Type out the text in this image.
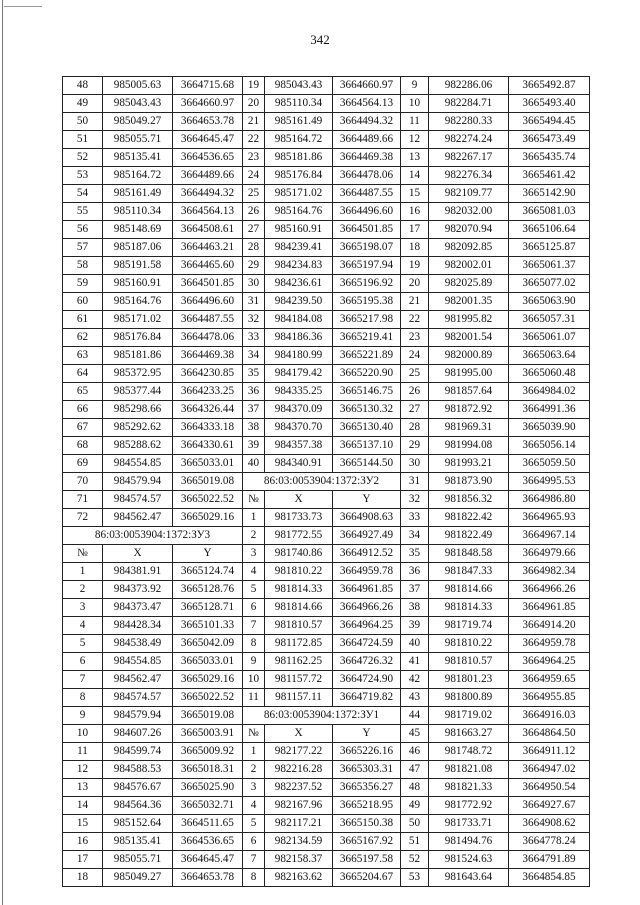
342
48	985005.63	3664715.68	19	985043.43	3664660.97	9	982286.06	3665492.87
49	985043.43	3664660.97	20	985110.34	3664564.13	10	982284.71	3665493.40
50	985049.27	3664653.78	21	985161.49	3664494.32	11	982280.33	3665494.45
51	985055.71	3664645.47	22	985164.72	3664489.66	12	982274.24	3665473.49
52	985135.41	3664536.65	23	985181.86	3664469.38	13	982267.17	3665435.74
53	985164.72	3664489.66	24	985176.84	3664478.06	14	982276.34	3665461.42
54	985161.49	3664494.32	25	985171.02	3664487.55	15	982109.77	3665142.90
55	985110.34	3664564.13	26	985164.76	3664496.60	16	982032.00	3665081.03
56	985148.69	3664508.61	27	985160.91	3664501.85	17	982070.94	3665106.64
57	985187.06	3664463.21	28	984239.41	3665198.07	18	982092.85	3665125.87
58	985191.58	3664465.60	29	984234.83	3665197.94	19	982002.01	3665061.37
59	985160.91	3664501.85	30	984236.61	3665196.92	20	982025.89	3665077.02
60	985164.76	3664496.60	31	984239.50	3665195.38	21	982001.35	3665063.90
61	985171.02	3664487.55	32	984184.08	3665217.98	22	981995.82	3665057.31
62	985176.84	3664478.06	33	984186.36	3665219.41	23	982001.54	3665061.07
63	985181.86	3664469.38	34	984180.99	3665221.89	24	982000.89	3665063.64
64	985372.95	3664230.85	35	984179.42	3665220.90	25	981995.00	3665060.48
65	985377.44	3664233.25	36	984335.25	3665146.75	26	981857.64	3664984.02
66	985298.66	3664326.44	37	984370.09	3665130.32	27	981872.92	3664991.36
67	985292.62	3664333.18	38	984370.70	3665130.40	28	981969.31	3665039.90
68	985288.62	3664330.61	39	984357.38	3665137.10	29	981994.08	3665056.14
69	984554.85	3665033.01	40	984340.91	3665144.50	30	981993.21	3665059.50
70	984579.94	3665019.08	86:03:0053904:1372:ЗУ2			31	981873.90	3664995.53
71	984574.57	3665022.52	№	X	Y	32	981856.32	3664986.80
72	984562.47	3665029.16	1	981733.73	3664908.63	33	981822.42	3664965.93
86:03:0053904:1372:ЗУ3			2	981772.55	3664927.49	34	981822.49	3664967.14
№	X	Y	3	981740.86	3664912.52	35	981848.58	3664979.66
1	984381.91	3665124.74	4	981810.22	3664959.78	36	981847.33	3664982.34
2	984373.92	3665128.76	5	981814.33	3664961.85	37	981814.66	3664966.26
3	984373.47	3665128.71	6	981814.66	3664966.26	38	981814.33	3664961.85
4	984428.34	3665101.33	7	981810.57	3664964.25	39	981719.74	3664914.20
5	984538.49	3665042.09	8	981172.85	3664724.59	40	981810.22	3664959.78
6	984554.85	3665033.01	9	981162.25	3664726.32	41	981810.57	3664964.25
7	984562.47	3665029.16	10	981157.72	3664724.90	42	981801.23	3664959.65
8	984574.57	3665022.52	11	981157.11	3664719.82	43	981800.89	3664955.85
9	984579.94	3665019.08	86:03:0053904:1372:ЗУ1			44	981719.02	3664916.03
10	984607.26	3665003.91	№	X	Y	45	981663.27	3664864.50
11	984599.74	3665009.92	1	982177.22	3665226.16	46	981748.72	3664911.12
12	984588.53	3665018.31	2	982216.28	3665303.31	47	981821.08	3664947.02
13	984576.67	3665025.90	3	982237.52	3665356.27	48	981821.33	3664950.54
14	984564.36	3665032.71	4	982167.96	3665218.95	49	981772.92	3664927.67
15	985152.64	3664511.65	5	982117.21	3665150.38	50	981733.71	3664908.62
16	985135.41	3664536.65	6	982134.59	3665167.92	51	981494.76	3664778.24
17	985055.71	3664645.47	7	982158.37	3665197.58	52	981524.63	3664791.89
18	985049.27	3664653.78	8	982163.62	3665204.67	53	981643.64	3664854.85
